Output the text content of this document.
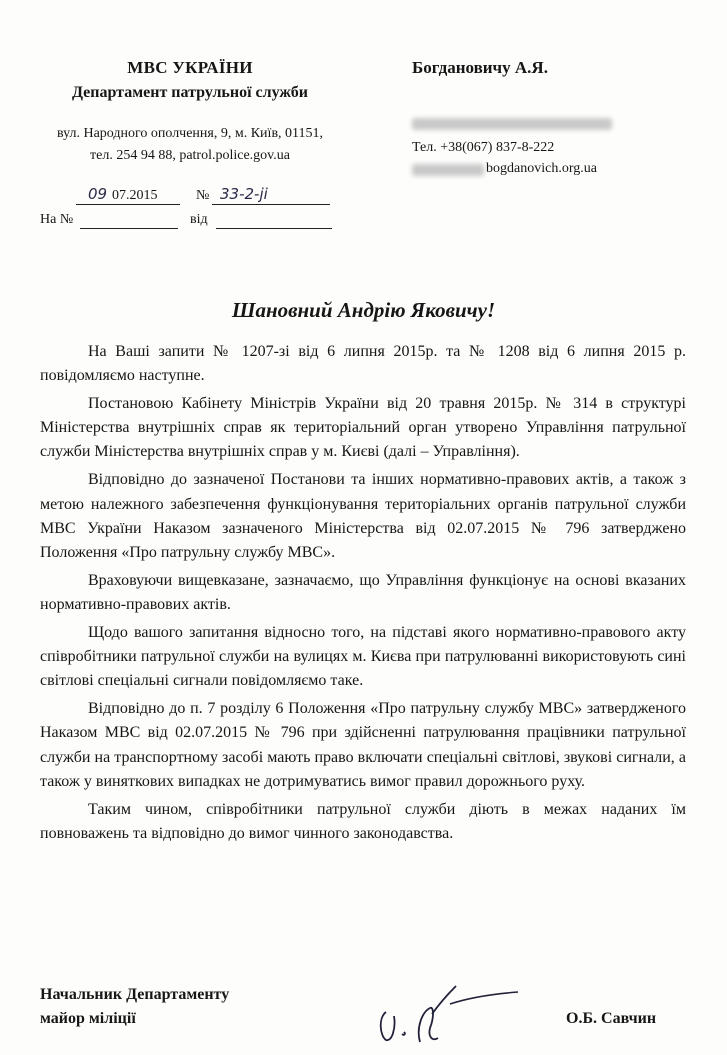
МВС УКРАЇНИ
Департамент патрульної служби
вул. Народного ополчення, 9, м. Київ, 01151,
тел. 254 94 88, patrol.police.gov.ua
09 07.2015	№ 33-2-ji
На №	від
Богдановичу А.Я.
Тел. +38(067) 837-8-222
bogdanovich.org.ua
Шановний Андрію Яковичу!

На Ваші запити № 1207-зі від 6 липня 2015р. та № 1208 від 6 липня 2015 р. повідомляємо наступне.

Постановою Кабінету Міністрів України від 20 травня 2015р. № 314 в структурі Міністерства внутрішніх справ як територіальний орган утворено Управління патрульної служби Міністерства внутрішніх справ у м. Києві (далі – Управління).

Відповідно до зазначеної Постанови та інших нормативно-правових актів, а також з метою належного забезпечення функціонування територіальних органів патрульної служби МВС України Наказом зазначеного Міністерства від 02.07.2015 № 796 затверджено Положення «Про патрульну службу МВС».

Враховуючи вищевказане, зазначаємо, що Управління функціонує на основі вказаних нормативно-правових актів.

Щодо вашого запитання відносно того, на підставі якого нормативно-правового акту співробітники патрульної служби на вулицях м. Києва при патрулюванні використовують сині світлові спеціальні сигнали повідомляємо таке.

Відповідно до п. 7 розділу 6 Положення «Про патрульну службу МВС» затвердженого Наказом МВС від 02.07.2015 № 796 при здійсненні патрулювання працівники патрульної служби на транспортному засобі мають право включати спеціальні світлові, звукові сигнали, а також у виняткових випадках не дотримуватись вимог правил дорожнього руху.

Таким чином, співробітники патрульної служби діють в межах наданих їм повноважень та відповідно до вимог чинного законодавства.

Начальник Департаменту
майор міліції	О.Б. Савчин
